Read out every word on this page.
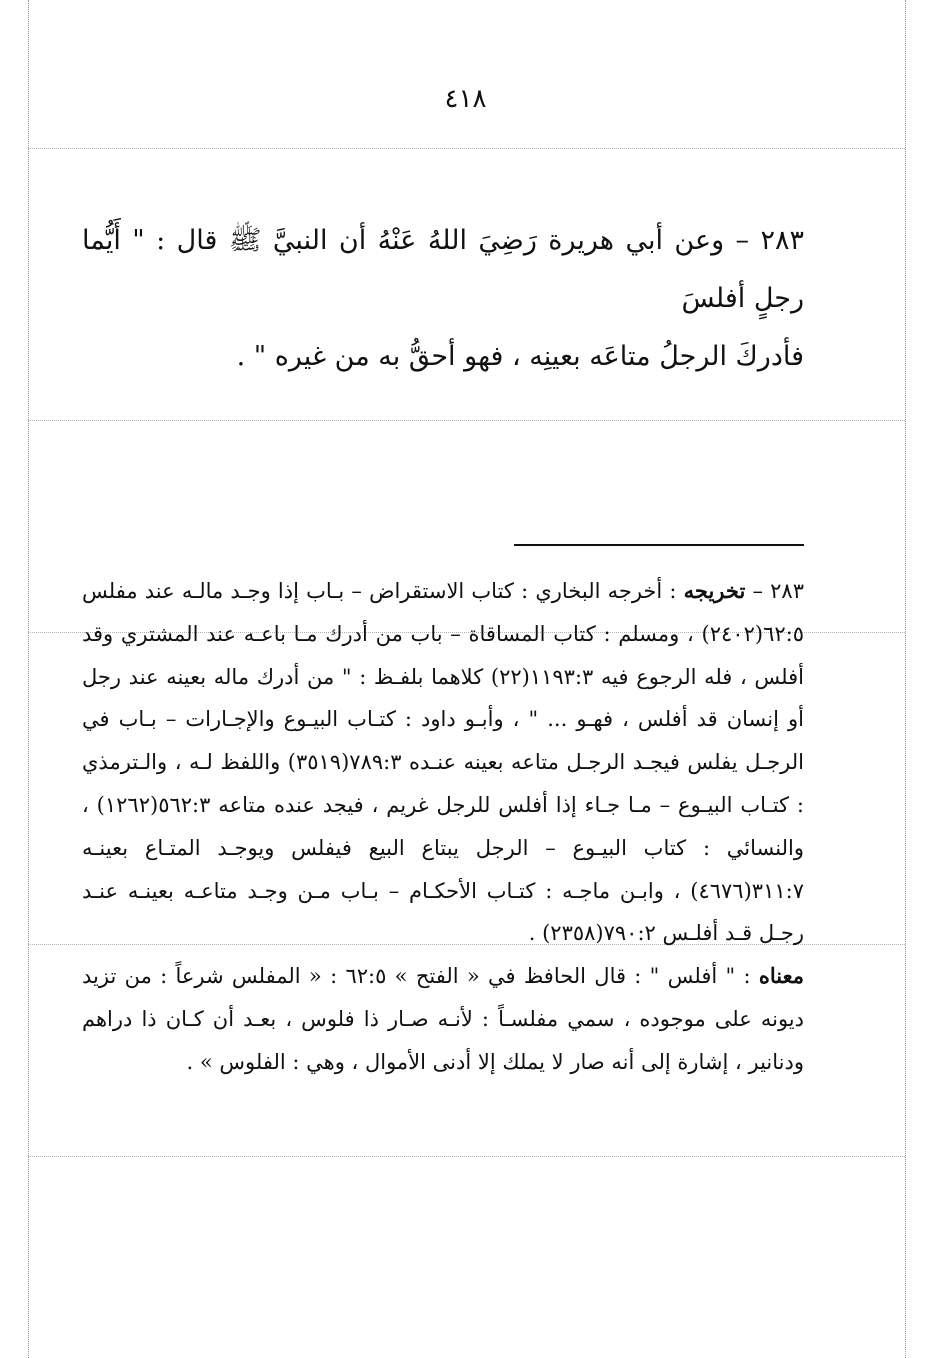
٤١٨

٢٨٣ – وعن أبي هريرة رَضِيَ اللهُ عَنْهُ أن النبيَّ ﷺ قال : " أَيُّما رجلٍ أفلسَ

فأدركَ الرجلُ متاعَه بعينِه ، فهو أحقُّ به من غيره " .

٢٨٣ – تخريجه : أخرجه البخاري : كتاب الاستقراض – بـاب إذا وجـد مالـه عند مفلس ٦٢:٥(٢٤٠٢) ، ومسلم : كتاب المساقاة – باب من أدرك مـا باعـه عند المشتري وقد أفلس ، فله الرجوع فيه ١١٩٣:٣(٢٢) كلاهما بلفـظ : " من أدرك ماله بعينه عند رجل أو إنسان قد أفلس ، فهـو ... " ، وأبـو داود : كتـاب البيـوع والإجـارات – بـاب في الرجـل يفلس فيجـد الرجـل متاعه بعينه عنـده ٧٨٩:٣(٣٥١٩) واللفظ لـه ، والـترمذي : كتـاب البيـوع – مـا جـاء إذا أفلس للرجل غريم ، فيجد عنده متاعه ٥٦٢:٣(١٢٦٢) ، والنسائي : كتاب البيـوع – الرجل يبتاع البيع فيفلس ويوجـد المتـاع بعينـه ٣١١:٧(٤٦٧٦) ، وابـن ماجـه : كتـاب الأحكـام – بـاب مـن وجـد متاعـه بعينـه عنـد رجـل قـد أفلـس ٧٩٠:٢(٢٣٥٨) .

معناه : " أفلس " : قال الحافظ في « الفتح » ٦٢:٥ : « المفلس شرعاً : من تزيد ديونه على موجوده ، سمي مفلسـاً : لأنـه صـار ذا فلوس ، بعـد أن كـان ذا دراهم ودنانير ، إشارة إلى أنه صار لا يملك إلا أدنى الأموال ، وهي : الفلوس » .
